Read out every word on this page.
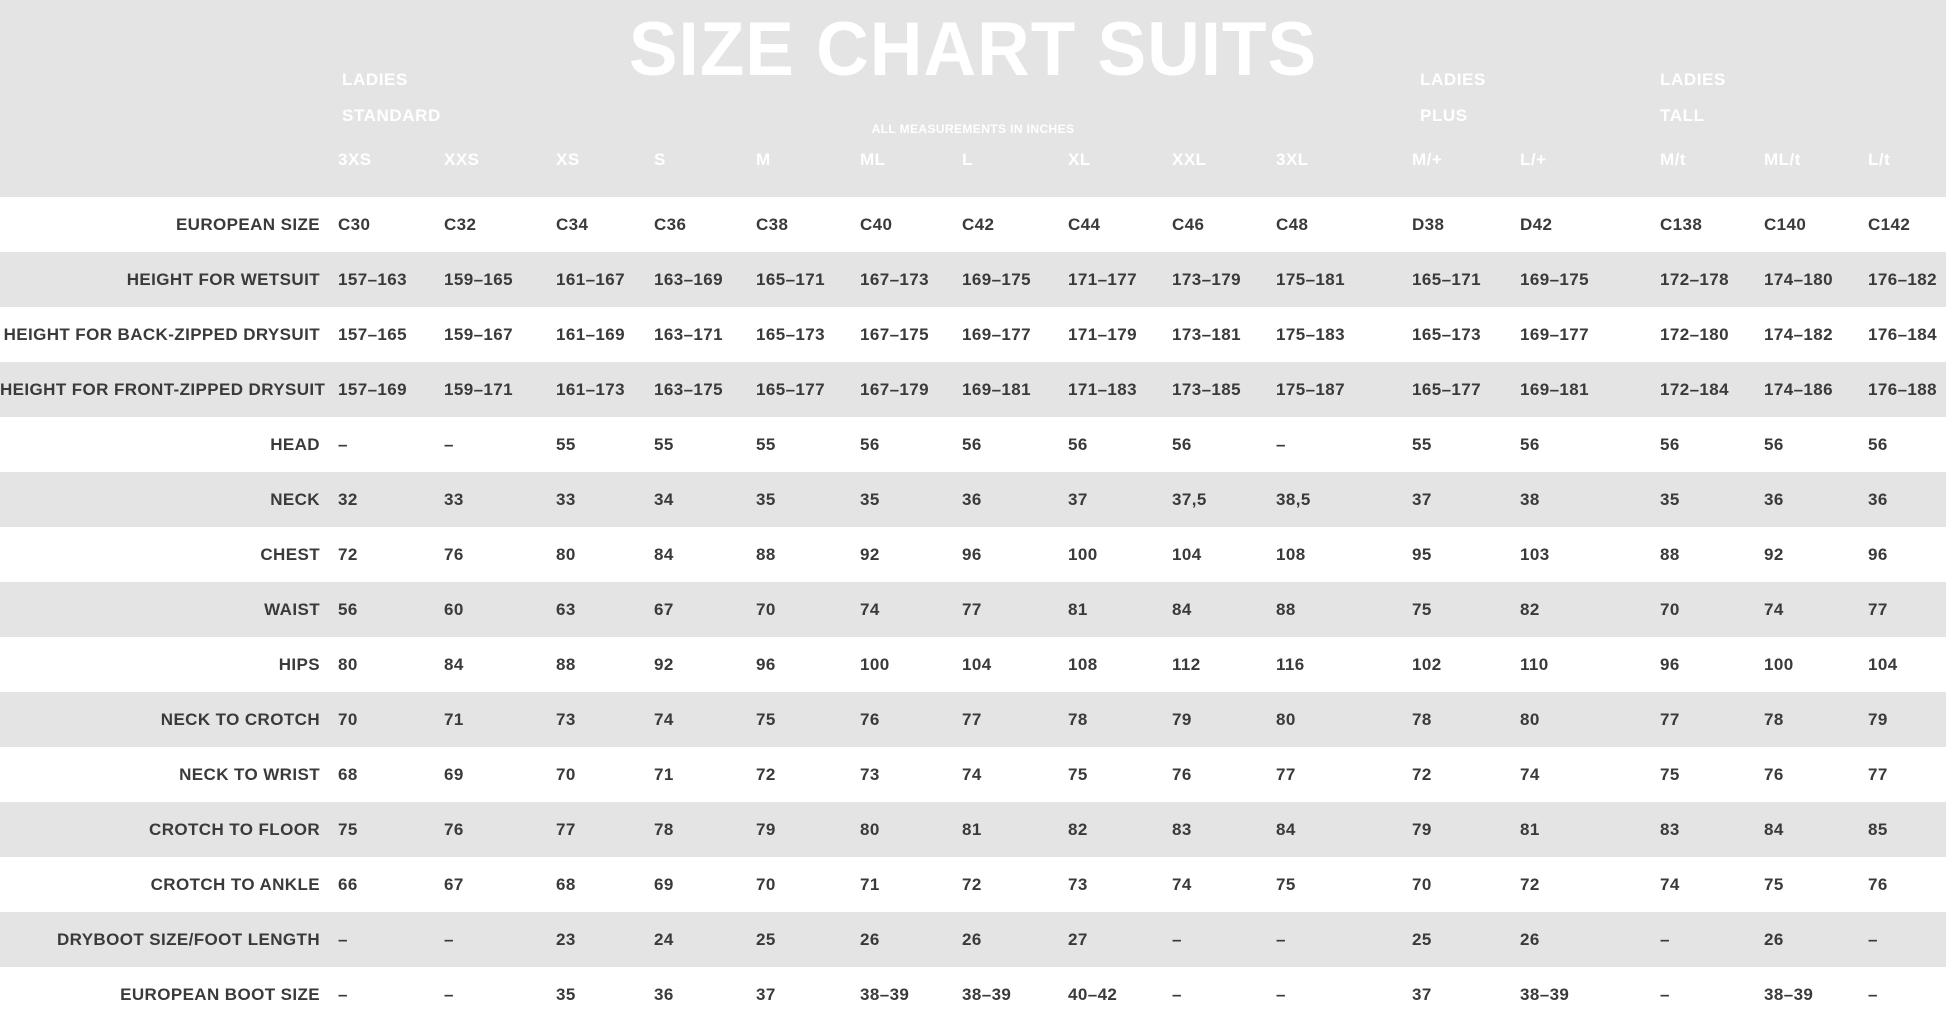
SIZE CHART SUITS
ALL MEASUREMENTS IN INCHES
LADIES
STANDARD
LADIES
PLUS
LADIES
TALL
3XS	XXS	XS	S	M	ML	L	XL	XXL	3XL	M/+	L/+	M/t	ML/t	L/t
EUROPEAN SIZE	C30	C32	C34	C36	C38	C40	C42	C44	C46	C48	D38	D42	C138	C140	C142
HEIGHT FOR WETSUIT	157–163	159–165	161–167	163–169	165–171	167–173	169–175	171–177	173–179	175–181	165–171	169–175	172–178	174–180	176–182
HEIGHT FOR BACK-ZIPPED DRYSUIT	157–165	159–167	161–169	163–171	165–173	167–175	169–177	171–179	173–181	175–183	165–173	169–177	172–180	174–182	176–184
HEIGHT FOR FRONT-ZIPPED DRYSUIT	157–169	159–171	161–173	163–175	165–177	167–179	169–181	171–183	173–185	175–187	165–177	169–181	172–184	174–186	176–188
HEAD	–	–	55	55	55	56	56	56	56	–	55	56	56	56	56
NECK	32	33	33	34	35	35	36	37	37,5	38,5	37	38	35	36	36
CHEST	72	76	80	84	88	92	96	100	104	108	95	103	88	92	96
WAIST	56	60	63	67	70	74	77	81	84	88	75	82	70	74	77
HIPS	80	84	88	92	96	100	104	108	112	116	102	110	96	100	104
NECK TO CROTCH	70	71	73	74	75	76	77	78	79	80	78	80	77	78	79
NECK TO WRIST	68	69	70	71	72	73	74	75	76	77	72	74	75	76	77
CROTCH TO FLOOR	75	76	77	78	79	80	81	82	83	84	79	81	83	84	85
CROTCH TO ANKLE	66	67	68	69	70	71	72	73	74	75	70	72	74	75	76
DRYBOOT SIZE/FOOT LENGTH	–	–	23	24	25	26	26	27	–	–	25	26	–	26	–
EUROPEAN BOOT SIZE	–	–	35	36	37	38–39	38–39	40–42	–	–	37	38–39	–	38–39	–
